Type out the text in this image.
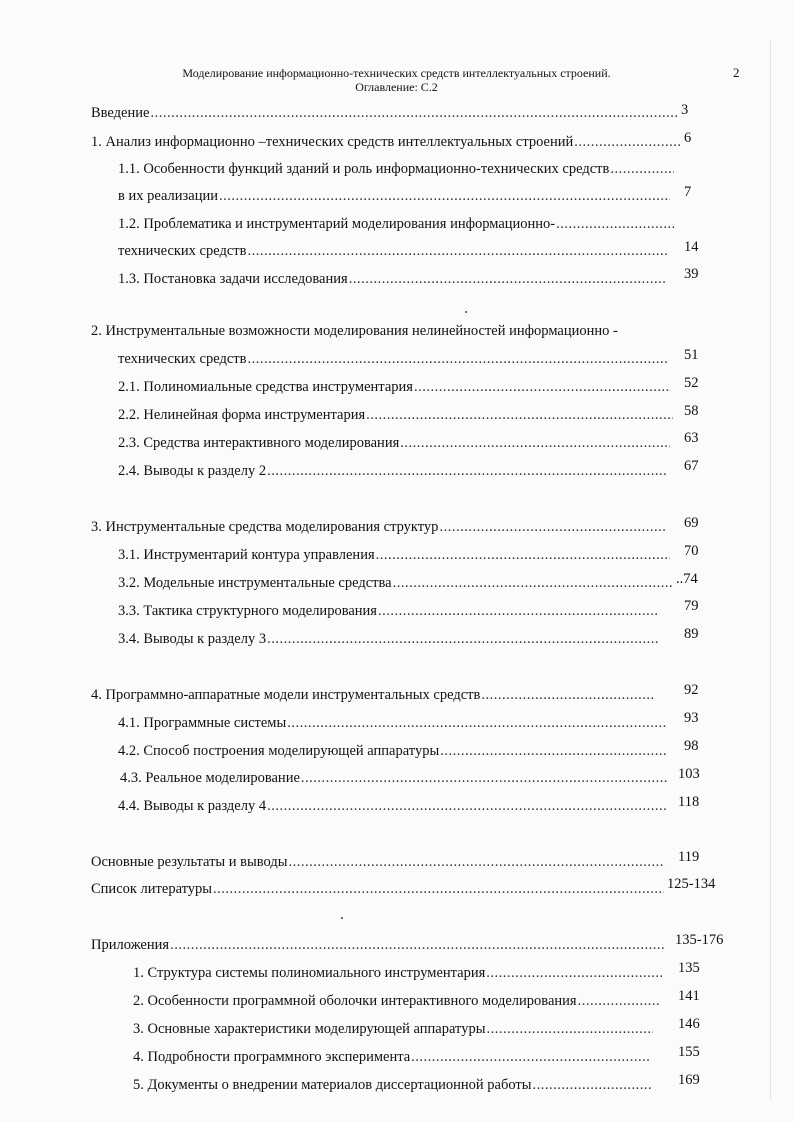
Моделирование информационно-технических средств интеллектуальных строений.
Оглавление: С.2
2
Введение .....	3
1. Анализ информационно –технических средств интеллектуальных строений .....	6
1.1. Особенности функций зданий и роль информационно-технических средств
.....
в их реализации .....	7
1.2. Проблематика и инструментарий моделирования информационно-
.....
технических средств .....	14
1.3. Постановка задачи исследования .....	39
2. Инструментальные возможности моделирования нелинейностей информационно -
технических средств .....	51
2.1. Полиномиальные средства инструментария .....	52
2.2. Нелинейная форма инструментария .....	58
2.3. Средства интерактивного моделирования .....	63
2.4. Выводы к разделу 2 .....	67
3. Инструментальные средства моделирования структур .....	69
3.1. Инструментарий контура управления .....	70
3.2. Модельные инструментальные средства .....	..74
3.3. Тактика структурного моделирования .....	79
3.4. Выводы к разделу 3 .....	89
4. Программно-аппаратные модели инструментальных средств .....	92
4.1. Программные системы .....	93
4.2. Способ построения моделирующей аппаратуры .....	98
4.3. Реальное моделирование .....	103
4.4. Выводы к разделу 4 .....	118
Основные результаты и выводы .....	119
Список литературы .....	125-134
Приложения .....	135-176
1. Структура системы полиномиального инструментария .....	135
2. Особенности программной оболочки интерактивного моделирования .....	141
3. Основные характеристики моделирующей аппаратуры .....	146
4. Подробности программного эксперимента .....	155
5. Документы о внедрении материалов диссертационной работы .....	169
